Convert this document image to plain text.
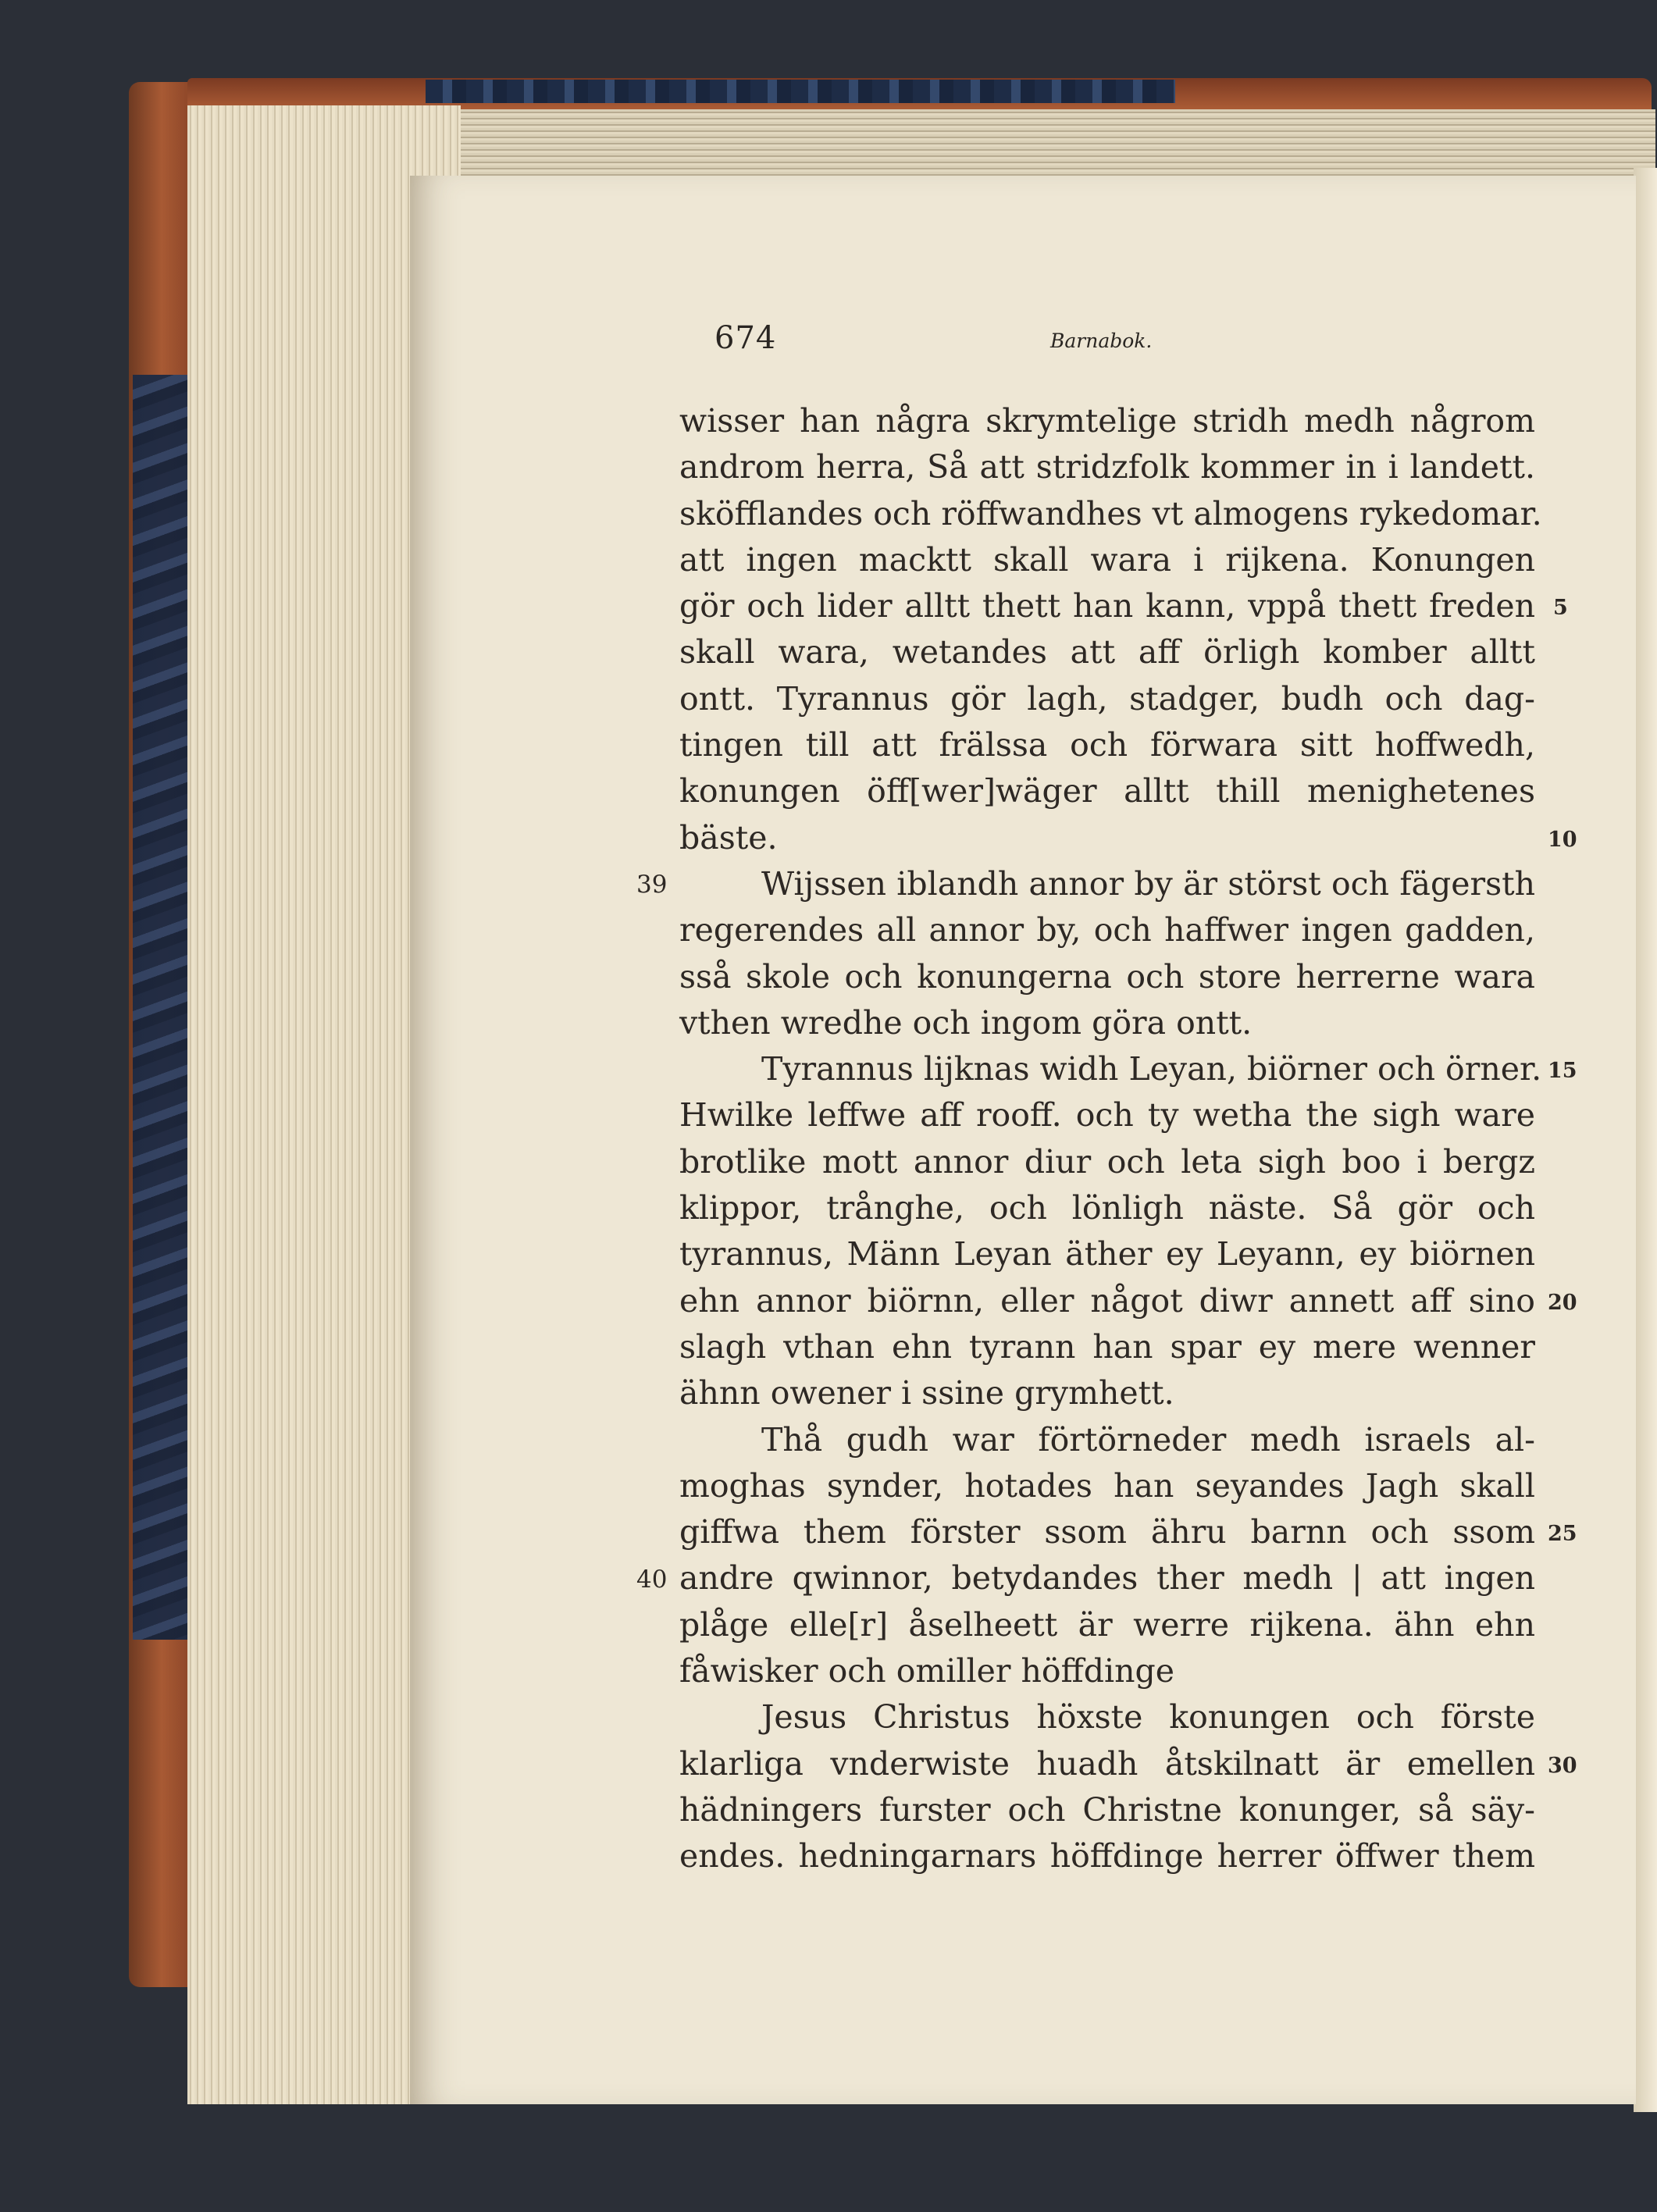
674	Barnabok.
wisser han några skrymtelige stridh medh någrom
androm herra, Så att stridzfolk kommer in i landett.
sköfflandes och röffwandhes vt almogens rykedomar.
att ingen macktt skall wara i rijkena. Konungen
gör och lider alltt thett han kann, vppå thett freden
skall wara, wetandes att aff örligh komber alltt
ontt. Tyrannus gör lagh, stadger, budh och dag-
tingen till att frälssa och förwara sitt hoffwedh,
konungen öff[wer]wäger alltt thill menighetenes
bäste.
Wijssen iblandh annor by är störst och fägersth
regerendes all annor by, och haffwer ingen gadden,
sså skole och konungerna och store herrerne wara
vthen wredhe och ingom göra ontt.
Tyrannus lijknas widh Leyan, biörner och örner.
Hwilke leffwe aff rooff. och ty wetha the sigh ware
brotlike mott annor diur och leta sigh boo i bergz
klippor, trånghe, och lönligh näste. Så gör och
tyrannus, Männ Leyan äther ey Leyann, ey biörnen
ehn annor biörnn, eller något diwr annett aff sino
slagh vthan ehn tyrann han spar ey mere wenner
ähnn owener i ssine grymhett.
Thå gudh war förtörneder medh israels al-
moghas synder, hotades han seyandes Jagh skall
giffwa them förster ssom ähru barnn och ssom
andre qwinnor, betydandes ther medh | att ingen
plåge elle[r] åselheett är werre rijkena. ähn ehn
fåwisker och omiller höffdinge
Jesus Christus höxste konungen och förste
klarliga vnderwiste huadh åtskilnatt är emellen
hädningers furster och Christne konunger, så säy-
endes. hedningarnars höffdinge herrer öffwer them
5
10
15
20
25
30
39
40
